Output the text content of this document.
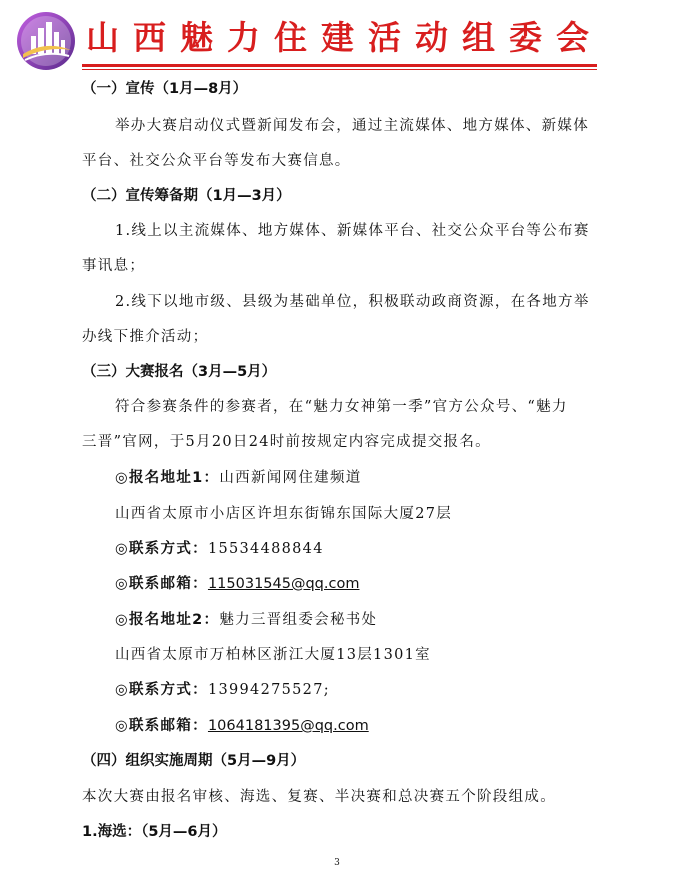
山西魅力住建活动组委会
（一）宣传（1月—8月）
举办大赛启动仪式暨新闻发布会，通过主流媒体、地方媒体、新媒体
平台、社交公众平台等发布大赛信息。
（二）宣传筹备期（1月—3月）
1.线上以主流媒体、地方媒体、新媒体平台、社交公众平台等公布赛
事讯息；
2.线下以地市级、县级为基础单位，积极联动政商资源，在各地方举
办线下推介活动；
（三）大赛报名（3月—5月）
符合参赛条件的参赛者，在“魅力女神第一季”官方公众号、“魅力
三晋”官网，于5月20日24时前按规定内容完成提交报名。
◎报名地址1：山西新闻网住建频道
山西省太原市小店区许坦东街锦东国际大厦27层
◎联系方式：15534488844
◎联系邮箱：115031545@qq.com
◎报名地址2：魅力三晋组委会秘书处
山西省太原市万柏林区浙江大厦13层1301室
◎联系方式：13994275527;
◎联系邮箱：1064181395@qq.com
（四）组织实施周期（5月—9月）
本次大赛由报名审核、海选、复赛、半决赛和总决赛五个阶段组成。
1.海选：（5月—6月）
3
